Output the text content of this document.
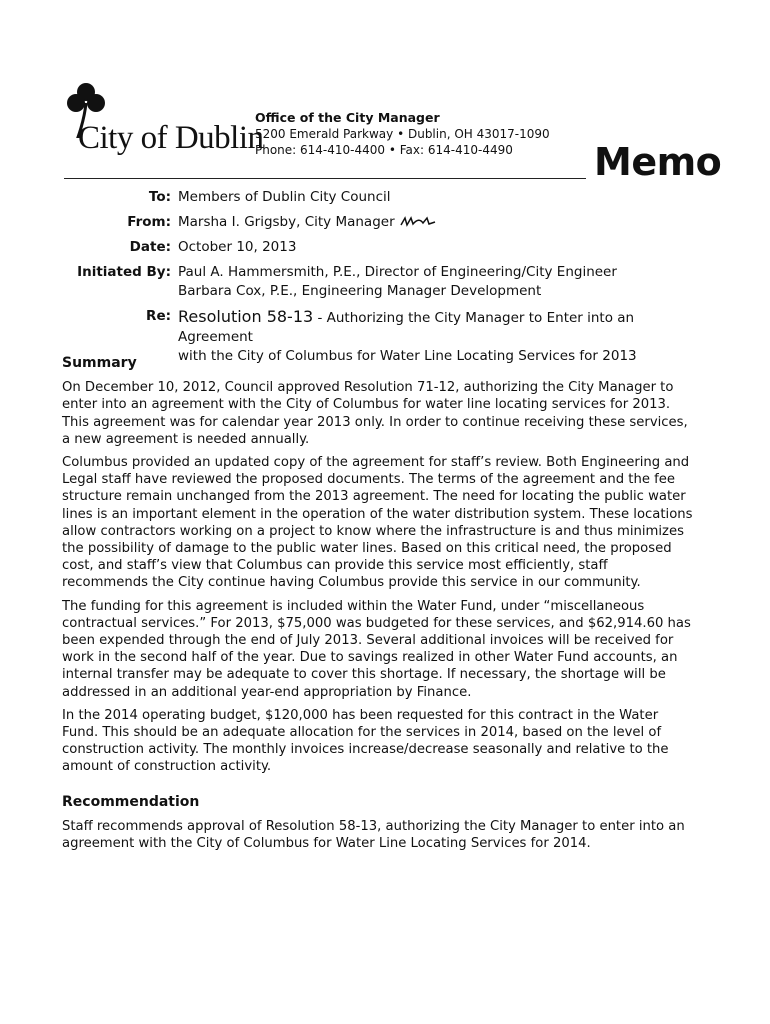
City of Dublin
Office of the City Manager
5200 Emerald Parkway • Dublin, OH 43017-1090
Phone: 614-410-4400 • Fax: 614-410-4490	Memo
To: Members of Dublin City Council
From: Marsha I. Grigsby, City Manager
Date: October 10, 2013
Initiated By: Paul A. Hammersmith, P.E., Director of Engineering/City Engineer
Barbara Cox, P.E., Engineering Manager Development
Re: Resolution 58-13 - Authorizing the City Manager to Enter into an Agreement
with the City of Columbus for Water Line Locating Services for 2013
Summary

On December 10, 2012, Council approved Resolution 71-12, authorizing the City Manager to enter into an agreement with the City of Columbus for water line locating services for 2013. This agreement was for calendar year 2013 only. In order to continue receiving these services, a new agreement is needed annually.

Columbus provided an updated copy of the agreement for staff’s review. Both Engineering and Legal staff have reviewed the proposed documents. The terms of the agreement and the fee structure remain unchanged from the 2013 agreement. The need for locating the public water lines is an important element in the operation of the water distribution system. These locations allow contractors working on a project to know where the infrastructure is and thus minimizes the possibility of damage to the public water lines. Based on this critical need, the proposed cost, and staff’s view that Columbus can provide this service most efficiently, staff recommends the City continue having Columbus provide this service in our community.

The funding for this agreement is included within the Water Fund, under “miscellaneous contractual services.” For 2013, $75,000 was budgeted for these services, and $62,914.60 has been expended through the end of July 2013. Several additional invoices will be received for work in the second half of the year. Due to savings realized in other Water Fund accounts, an internal transfer may be adequate to cover this shortage. If necessary, the shortage will be addressed in an additional year-end appropriation by Finance.

In the 2014 operating budget, $120,000 has been requested for this contract in the Water Fund. This should be an adequate allocation for the services in 2014, based on the level of construction activity. The monthly invoices increase/decrease seasonally and relative to the amount of construction activity.

Recommendation

Staff recommends approval of Resolution 58-13, authorizing the City Manager to enter into an agreement with the City of Columbus for Water Line Locating Services for 2014.
